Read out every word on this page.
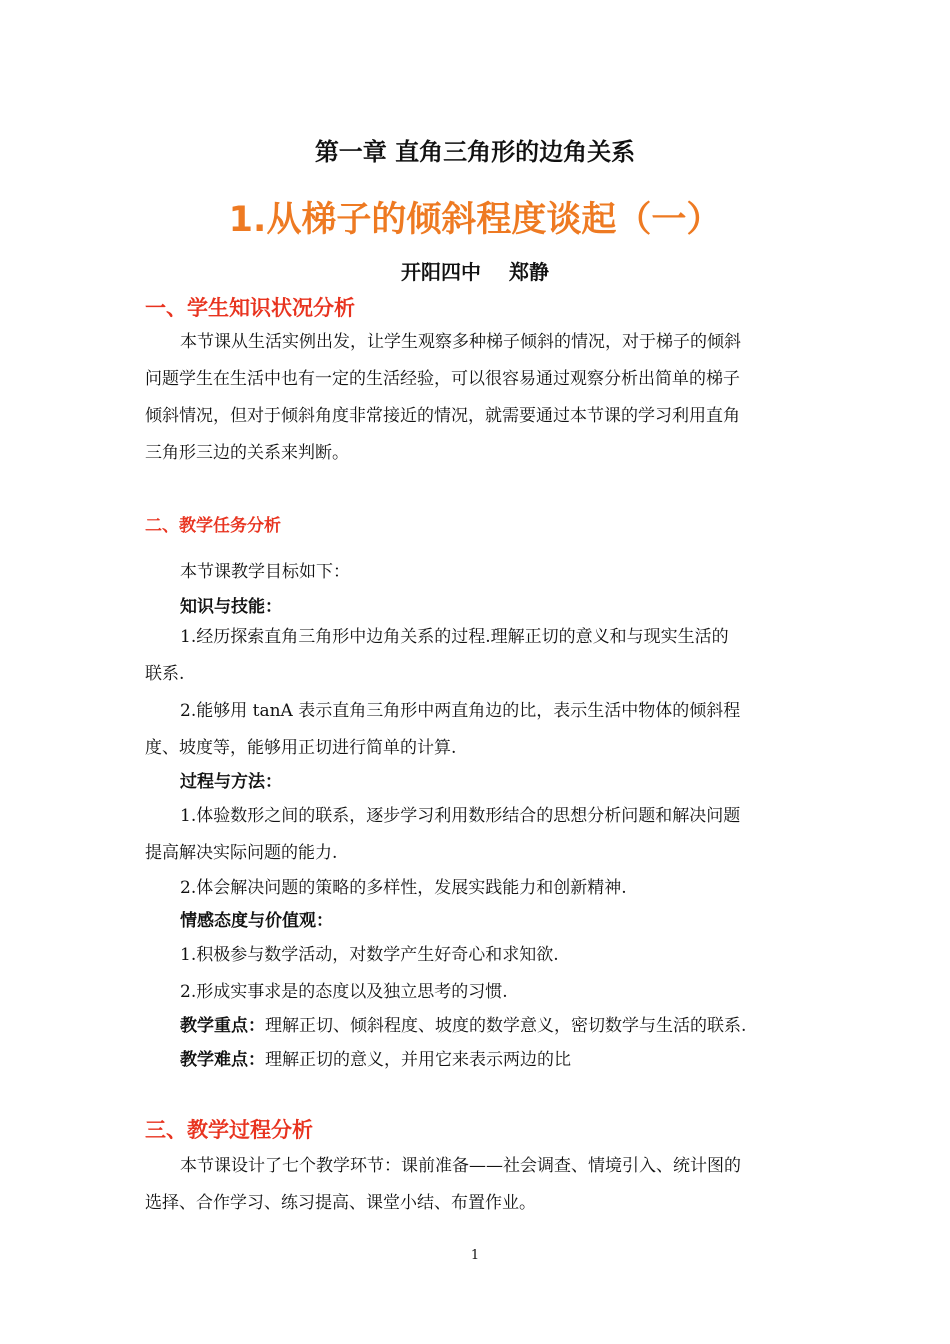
第一章 直角三角形的边角关系
1.从梯子的倾斜程度谈起（一）
开阳四中 郑静
一、学生知识状况分析
本节课从生活实例出发，让学生观察多种梯子倾斜的情况，对于梯子的倾斜
问题学生在生活中也有一定的生活经验，可以很容易通过观察分析出简单的梯子
倾斜情况，但对于倾斜角度非常接近的情况，就需要通过本节课的学习利用直角
三角形三边的关系来判断。
二、教学任务分析
本节课教学目标如下：
知识与技能：
1.经历探索直角三角形中边角关系的过程.理解正切的意义和与现实生活的
联系.
2.能够用 tanA 表示直角三角形中两直角边的比，表示生活中物体的倾斜程
度、坡度等，能够用正切进行简单的计算.
过程与方法：
1.体验数形之间的联系，逐步学习利用数形结合的思想分析问题和解决问题
提高解决实际问题的能力.
2.体会解决问题的策略的多样性，发展实践能力和创新精神.
情感态度与价值观：
1.积极参与数学活动，对数学产生好奇心和求知欲.
2.形成实事求是的态度以及独立思考的习惯.
教学重点：理解正切、倾斜程度、坡度的数学意义，密切数学与生活的联系.
教学难点：理解正切的意义，并用它来表示两边的比
三、教学过程分析
本节课设计了七个教学环节：课前准备——社会调查、情境引入、统计图的
选择、合作学习、练习提高、课堂小结、布置作业。
1
